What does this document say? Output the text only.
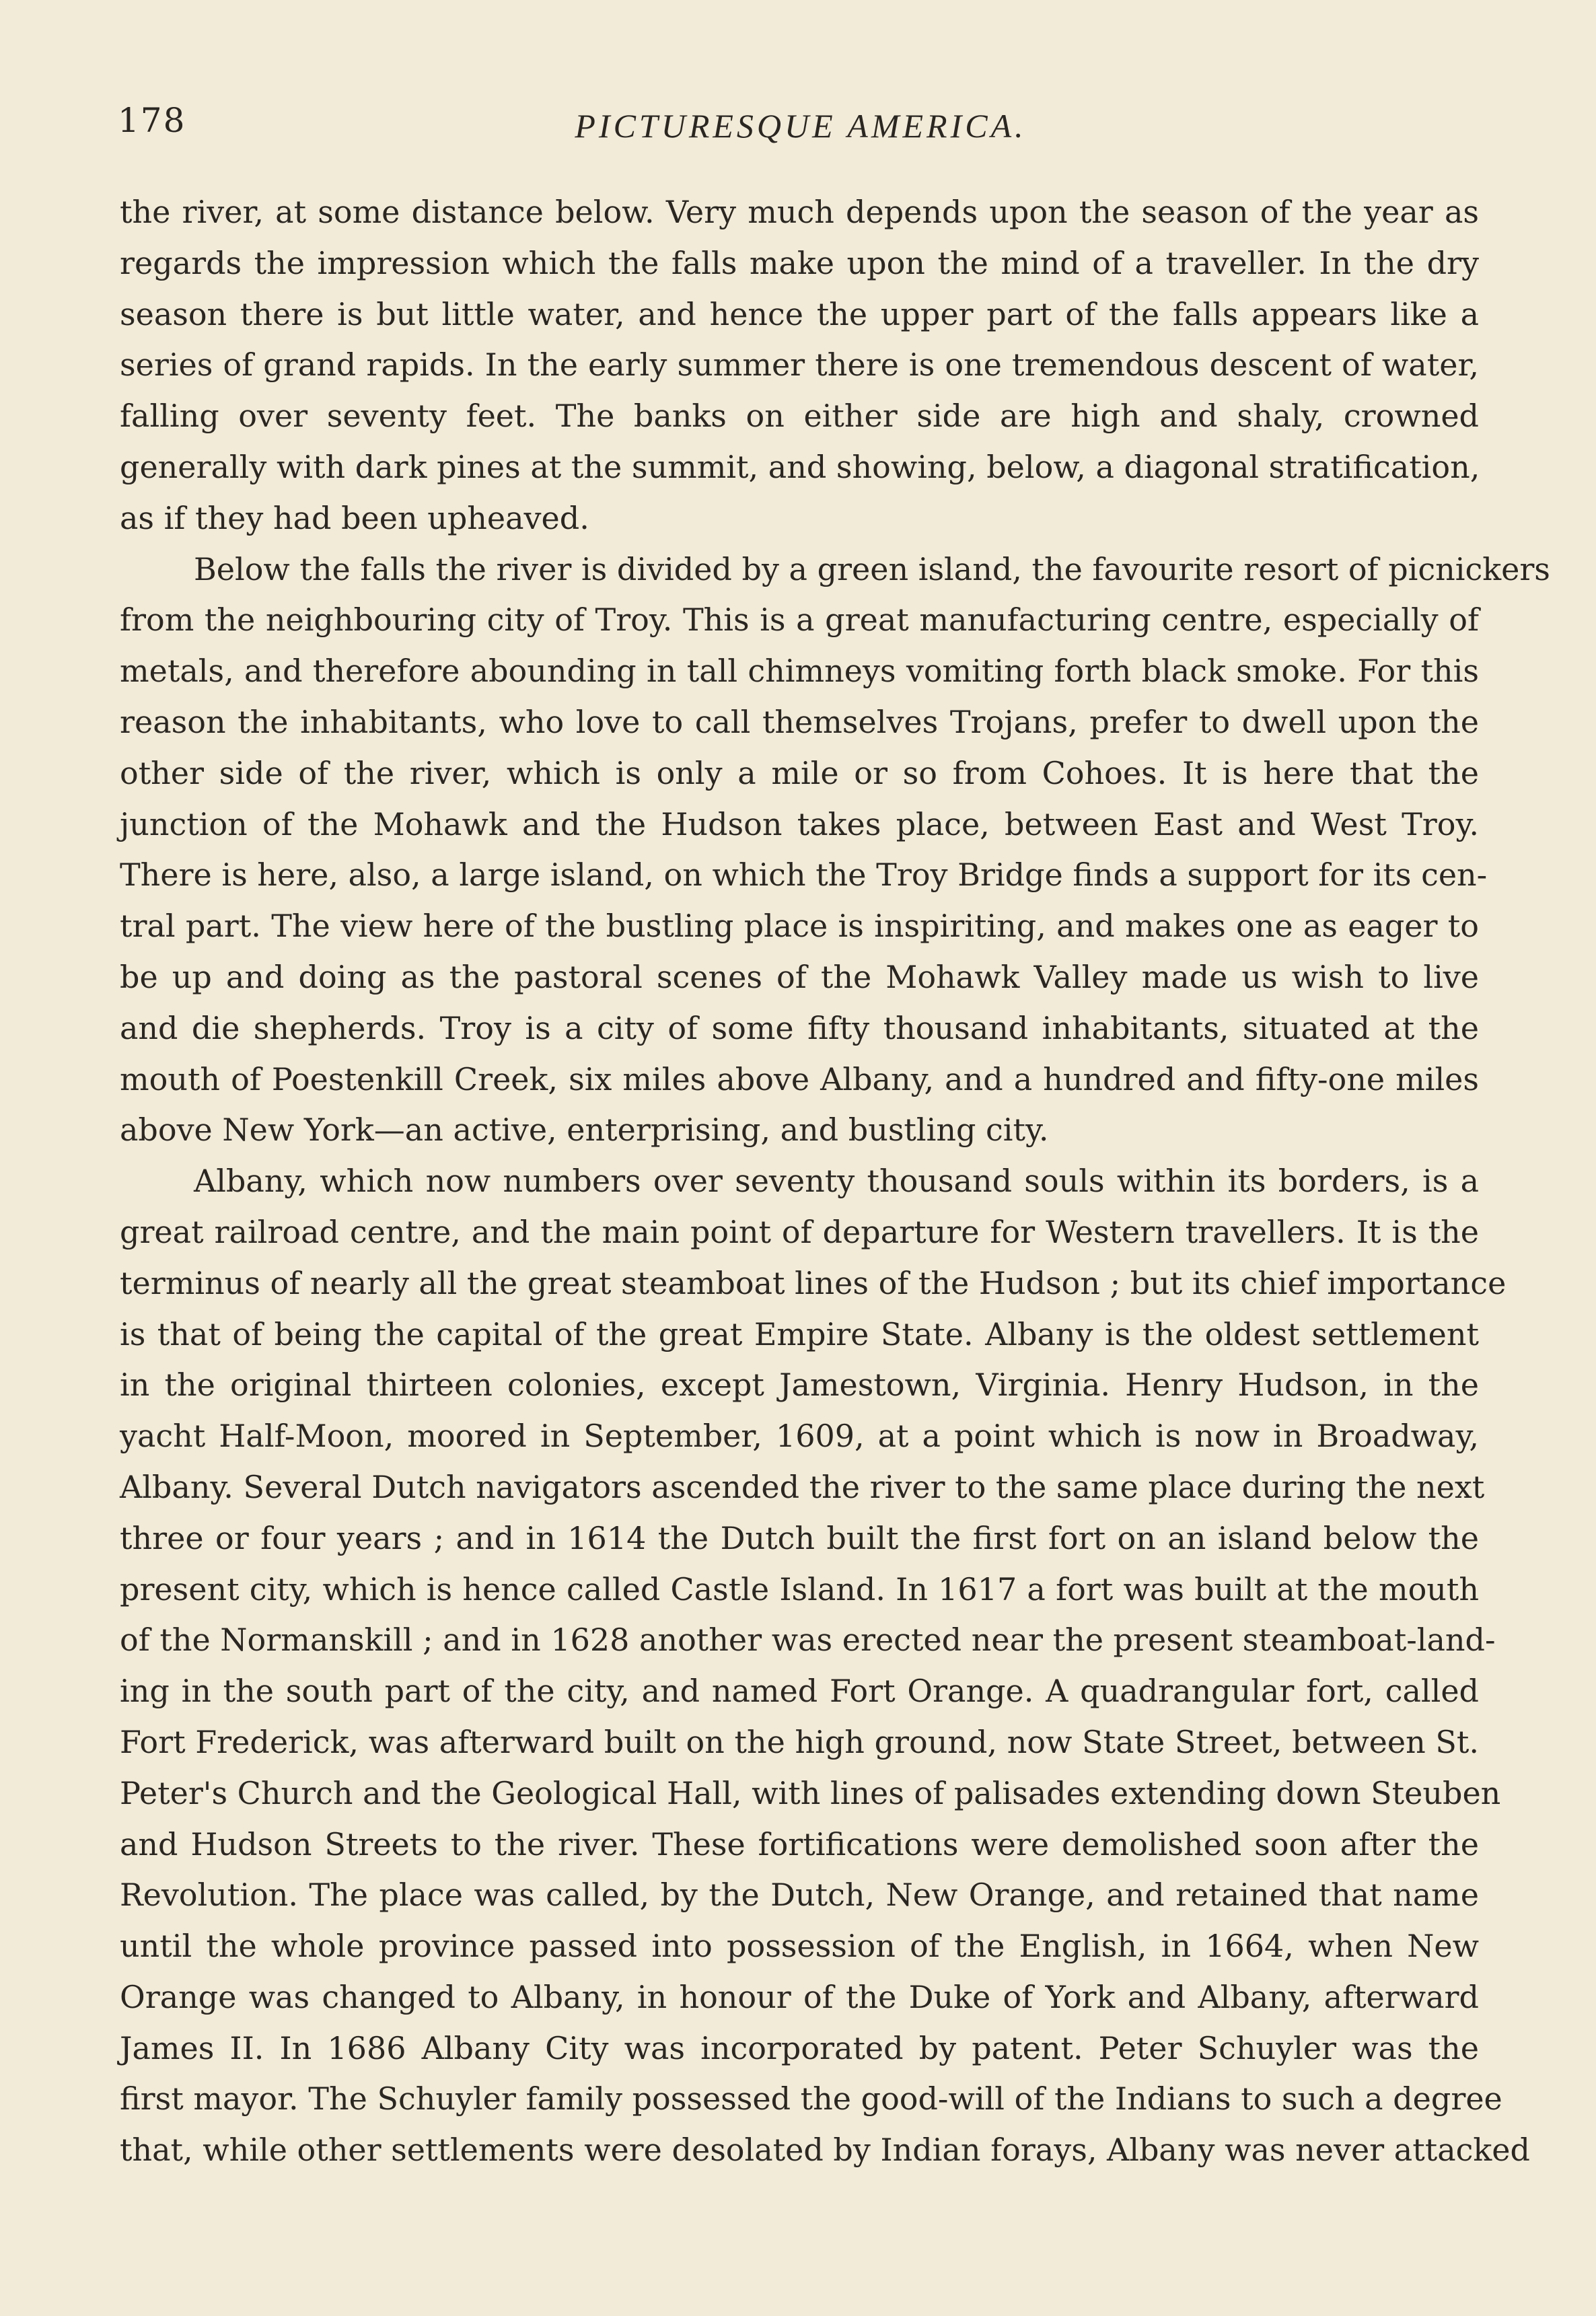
178	PICTURESQUE AMERICA.
the river, at some distance below. Very much depends upon the season of the year as
regards the impression which the falls make upon the mind of a traveller. In the dry
season there is but little water, and hence the upper part of the falls appears like a
series of grand rapids. In the early summer there is one tremendous descent of water,
falling over seventy feet. The banks on either side are high and shaly, crowned
generally with dark pines at the summit, and showing, below, a diagonal stratification,
as if they had been upheaved.
Below the falls the river is divided by a green island, the favourite resort of picnickers
from the neighbouring city of Troy. This is a great manufacturing centre, especially of
metals, and therefore abounding in tall chimneys vomiting forth black smoke. For this
reason the inhabitants, who love to call themselves Trojans, prefer to dwell upon the
other side of the river, which is only a mile or so from Cohoes. It is here that the
junction of the Mohawk and the Hudson takes place, between East and West Troy.
There is here, also, a large island, on which the Troy Bridge finds a support for its cen-
tral part. The view here of the bustling place is inspiriting, and makes one as eager to
be up and doing as the pastoral scenes of the Mohawk Valley made us wish to live
and die shepherds. Troy is a city of some fifty thousand inhabitants, situated at the
mouth of Poestenkill Creek, six miles above Albany, and a hundred and fifty-one miles
above New York—an active, enterprising, and bustling city.
Albany, which now numbers over seventy thousand souls within its borders, is a
great railroad centre, and the main point of departure for Western travellers. It is the
terminus of nearly all the great steamboat lines of the Hudson ; but its chief importance
is that of being the capital of the great Empire State. Albany is the oldest settlement
in the original thirteen colonies, except Jamestown, Virginia. Henry Hudson, in the
yacht Half-Moon, moored in September, 1609, at a point which is now in Broadway,
Albany. Several Dutch navigators ascended the river to the same place during the next
three or four years ; and in 1614 the Dutch built the first fort on an island below the
present city, which is hence called Castle Island. In 1617 a fort was built at the mouth
of the Normanskill ; and in 1628 another was erected near the present steamboat-land-
ing in the south part of the city, and named Fort Orange. A quadrangular fort, called
Fort Frederick, was afterward built on the high ground, now State Street, between St.
Peter's Church and the Geological Hall, with lines of palisades extending down Steuben
and Hudson Streets to the river. These fortifications were demolished soon after the
Revolution. The place was called, by the Dutch, New Orange, and retained that name
until the whole province passed into possession of the English, in 1664, when New
Orange was changed to Albany, in honour of the Duke of York and Albany, afterward
James II. In 1686 Albany City was incorporated by patent. Peter Schuyler was the
first mayor. The Schuyler family possessed the good-will of the Indians to such a degree
that, while other settlements were desolated by Indian forays, Albany was never attacked
